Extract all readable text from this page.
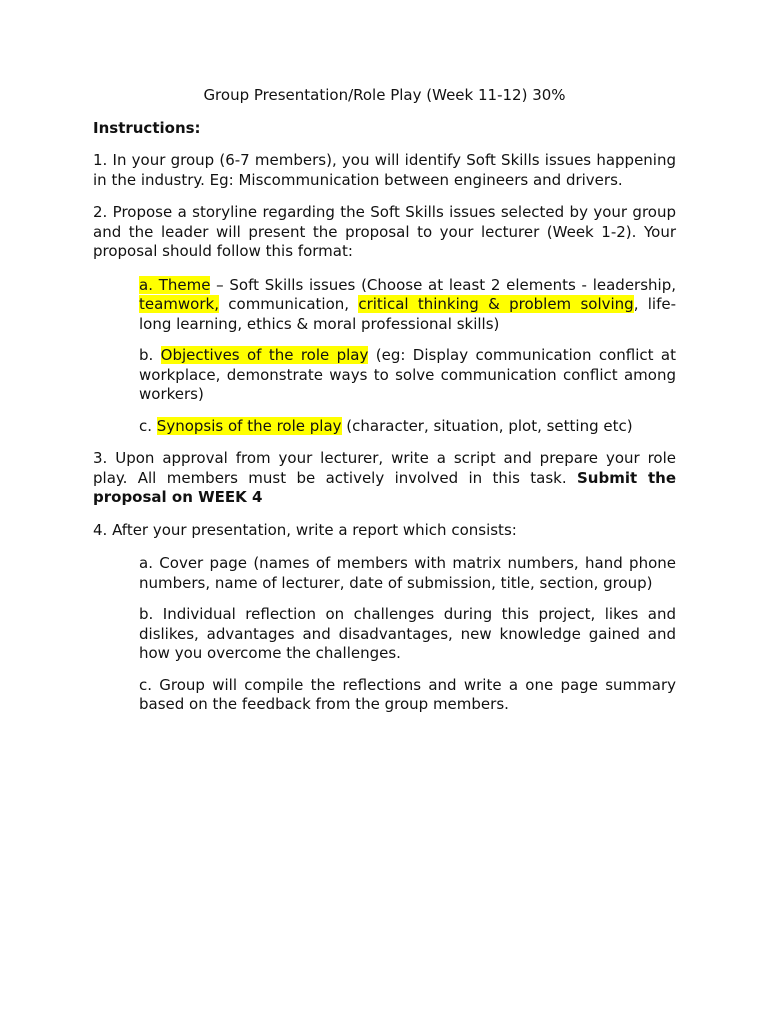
Group Presentation/Role Play (Week 11-12) 30%

Instructions:

1. In your group (6-7 members), you will identify Soft Skills issues happening in the industry. Eg: Miscommunication between engineers and drivers.

2. Propose a storyline regarding the Soft Skills issues selected by your group and the leader will present the proposal to your lecturer (Week 1-2). Your proposal should follow this format:

a. Theme – Soft Skills issues (Choose at least 2 elements - leadership, teamwork, communication, critical thinking & problem solving, life-long learning, ethics & moral professional skills)

b. Objectives of the role play (eg: Display communication conflict at workplace, demonstrate ways to solve communication conflict among workers)

c. Synopsis of the role play (character, situation, plot, setting etc)

3. Upon approval from your lecturer, write a script and prepare your role play. All members must be actively involved in this task. Submit the proposal on WEEK 4

4. After your presentation, write a report which consists:

a. Cover page (names of members with matrix numbers, hand phone numbers, name of lecturer, date of submission, title, section, group)

b. Individual reflection on challenges during this project, likes and dislikes, advantages and disadvantages, new knowledge gained and how you overcome the challenges.

c. Group will compile the reflections and write a one page summary based on the feedback from the group members.
